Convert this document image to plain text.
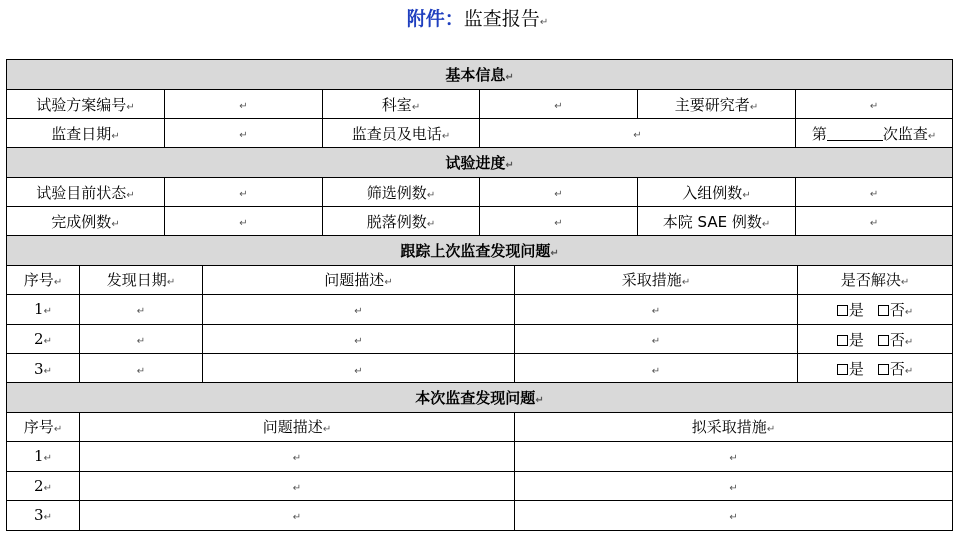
附件：监查报告↵
基本信息↵					
试验方案编号↵	↵	科室↵	↵	主要研究者↵	↵
监查日期↵	↵	监查员及电话↵	↵		第 次监查↵
试验进度↵					
试验目前状态↵	↵	筛选例数↵	↵	入组例数↵	↵
完成例数↵	↵	脱落例数↵	↵	本院 SAE 例数↵	↵
跟踪上次监查发现问题↵				
序号↵	发现日期↵	问题描述↵	采取措施↵	是否解决↵
1↵	↵	↵	↵	是 否↵
2↵	↵	↵	↵	是 否↵
3↵	↵	↵	↵	是 否↵
本次监查发现问题↵		
序号↵	问题描述↵	拟采取措施↵
1↵	↵	↵
2↵	↵	↵
3↵	↵	↵
